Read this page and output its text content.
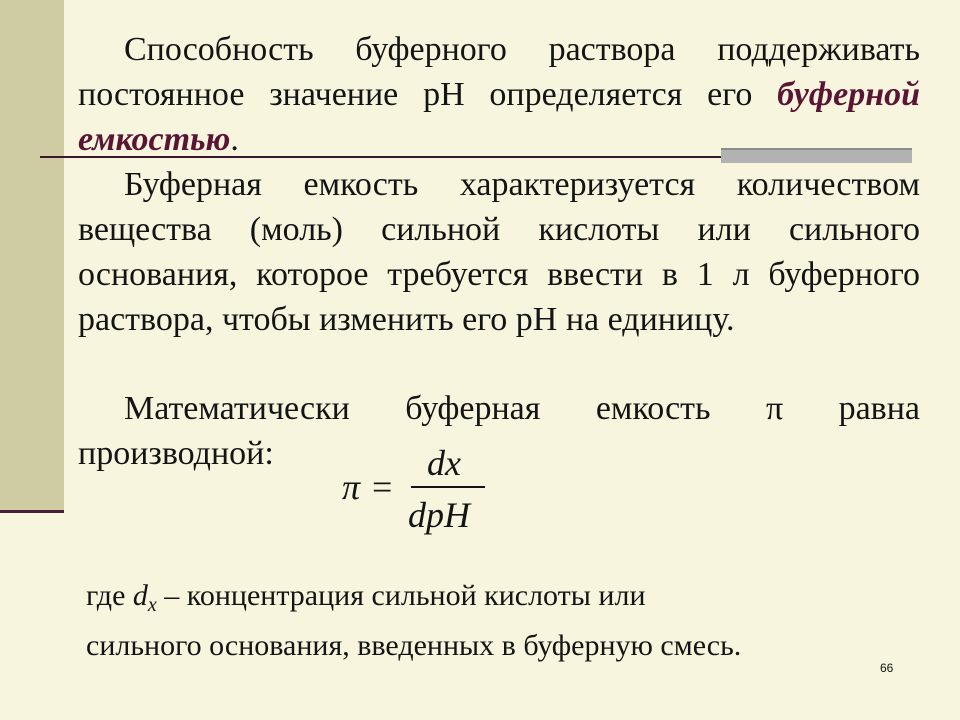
Способность буферного раствора поддерживать постоянное значение рН определяется его буферной емкостью.
Буферная емкость характеризуется количеством вещества (моль) сильной кислоты или сильного основания, которое требуется ввести в 1 л буферного раствора, чтобы изменить его рН на единицу.
Математически буферная емкость π равна производной:
π =
dx
dpH
где $d_x$ – концентрация сильной кислоты или
сильного основания, введенных в буферную смесь.
66
